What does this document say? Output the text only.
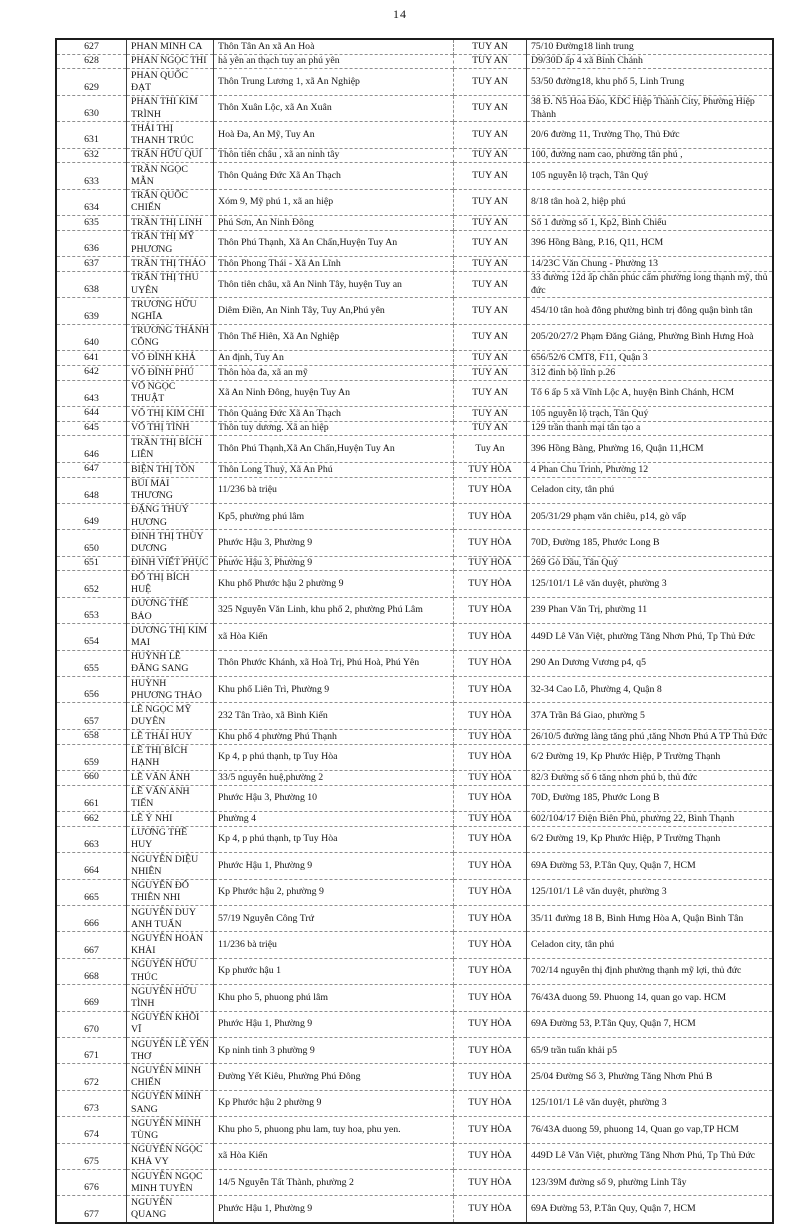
14
627	PHAN MINH CA	Thôn Tân An xã An Hoà	TUY AN	75/10 Đường18 linh trung
628	PHAN NGỌC THI	hà yên an thạch tuy an phú yên	TUY AN	D9/30D ấp 4 xã Bình Chánh
629	PHAN QUỐC ĐẠT	Thôn Trung Lương 1, xã An Nghiệp	TUY AN	53/50 đường18, khu phố 5, Linh Trung
630	PHAN THI KIM TRÌNH	Thôn Xuân Lộc, xã An Xuân	TUY AN	38 Đ. N5 Hoa Đào, KDC Hiệp Thành City, Phường Hiệp Thành
631	THÁI THỊ THANH TRÚC	Hoà Đa, An Mỹ, Tuy An	TUY AN	20/6 đường 11, Trường Thọ, Thủ Đức
632	TRẦN HỮU QUÍ	Thôn tiên châu , xã an ninh tây	TUY AN	100, đường nam cao, phường tân phú ,
633	TRẦN NGỌC MẪN	Thôn Quảng Đức Xã An Thạch	TUY AN	105 nguyễn lộ trạch, Tân Quý
634	TRẦN QUỐC CHIẾN	Xóm 9, Mỹ phú 1, xã an hiệp	TUY AN	8/18 tân hoà 2, hiệp phú
635	TRẦN THỊ LINH	Phú Sơn, An Ninh Đông	TUY AN	Số 1 đường số 1, Kp2, Bình Chiểu
636	TRẦN THỊ MỸ PHƯƠNG	Thôn Phú Thạnh, Xã An Chấn,Huyện Tuy An	TUY AN	396 Hồng Bàng, P.16, Q11, HCM
637	TRẦN THỊ THẢO	Thôn Phong Thái - Xã An Lĩnh	TUY AN	14/23C Văn Chung - Phường 13
638	TRẦN THỊ THU UYÊN	Thôn tiên châu, xã An Ninh Tây, huyện Tuy an	TUY AN	33 đường 12d ấp chân phúc cẩm phường long thạnh mỹ, thủ đức
639	TRƯƠNG HỮU NGHĨA	Diêm Điền, An Ninh Tây, Tuy An,Phú yên	TUY AN	454/10 tân hoà đông phường bình trị đông quận bình tân
640	TRƯƠNG THÀNH CÔNG	Thôn Thế Hiên, Xã An Nghiệp	TUY AN	205/20/27/2 Phạm Đăng Giảng, Phường Bình Hưng Hoà
641	VÕ ĐÌNH KHÁ	An định, Tuy An	TUY AN	656/52/6 CMT8, F11, Quận 3
642	VÕ ĐÌNH PHÚ	Thôn hòa đa, xã an mỹ	TUY AN	312 đinh bộ lĩnh p.26
643	VÕ NGỌC THUẬT	Xã An Ninh Đông, huyện Tuy An	TUY AN	Tổ 6 ấp 5 xã Vĩnh Lộc A, huyện Bình Chánh, HCM
644	VÕ THỊ KIM CHI	Thôn Quảng Đức Xã An Thạch	TUY AN	105 nguyễn lộ trạch, Tân Quý
645	VÕ THỊ TÍNH	Thôn tuy dương. Xã an hiệp	TUY AN	129 trần thanh mại tân tạo a
646	TRẦN THỊ BÍCH LIÊN	Thôn Phú Thạnh,Xã An Chấn,Huyện Tuy An	Tuy An	396 Hồng Bàng, Phường 16, Quận 11,HCM
647	BIỆN THỊ TỒN	Thôn Long Thuỷ, Xã An Phú	TUY HÒA	4 Phan Chu Trinh, Phường 12
648	BÙI MAI THƯƠNG	11/236 bà triệu	TUY HÒA	Celadon city, tân phú
649	ĐẶNG THUÝ HƯƠNG	Kp5, phường phú lâm	TUY HÒA	205/31/29 phạm văn chiêu, p14, gò vấp
650	ĐINH THỊ THÙY DƯƠNG	Phước Hậu 3, Phường 9	TUY HÒA	70D, Đường 185, Phước Long B
651	ĐINH VIẾT PHỤC	Phước Hậu 3, Phường 9	TUY HÒA	269 Gò Dầu, Tân Quý
652	ĐỖ THỊ BÍCH HUỆ	Khu phố Phước hậu 2 phường 9	TUY HÒA	125/101/1 Lê văn duyệt, phường 3
653	DƯƠNG THẾ BẢO	325 Nguyễn Văn Linh, khu phố 2, phường Phú Lâm	TUY HÒA	239 Phan Văn Trị, phường 11
654	DƯƠNG THỊ KIM MAI	xã Hòa Kiến	TUY HÒA	449D Lê Văn Việt, phường Tăng Nhơn Phú, Tp Thủ Đức
655	HUỲNH LÊ ĐĂNG SANG	Thôn Phước Khánh, xã Hoà Trị, Phú Hoà, Phú Yên	TUY HÒA	290 An Dương Vương p4, q5
656	HUỲNH PHƯƠNG THẢO	Khu phố Liên Trì, Phường 9	TUY HÒA	32-34 Cao Lỗ, Phường 4, Quận 8
657	LÊ NGỌC MỸ DUYÊN	232 Tân Trào, xã Bình Kiến	TUY HÒA	37A Trần Bá Giao, phường 5
658	LÊ THÁI HUY	Khu phố 4 phường Phú Thạnh	TUY HÒA	26/10/5 đường làng tăng phú ,tăng Nhơn Phú A TP Thủ Đức
659	LÊ THỊ BÍCH HẠNH	Kp 4, p phú thạnh, tp Tuy Hòa	TUY HÒA	6/2 Đường 19, Kp Phước Hiệp, P Trường Thạnh
660	LÊ VĂN ÁNH	33/5 nguyễn huệ,phường 2	TUY HÒA	82/3 Đường số 6 tăng nhơn phú b, thủ đức
661	LÊ VĂN ANH TIẾN	Phước Hậu 3, Phường 10	TUY HÒA	70D, Đường 185, Phước Long B
662	LÊ Ý NHI	Phường 4	TUY HÒA	602/104/17 Điện Biên Phủ, phường 22, Bình Thạnh
663	LƯƠNG THẾ HUY	Kp 4, p phú thạnh, tp Tuy Hòa	TUY HÒA	6/2 Đường 19, Kp Phước Hiệp, P Trường Thạnh
664	NGUYỄN DIỆU NHIÊN	Phước Hậu 1, Phường 9	TUY HÒA	69A Đường 53, P.Tân Quy, Quận 7, HCM
665	NGUYỄN ĐỖ THIÊN NHI	Kp Phước hậu 2, phường 9	TUY HÒA	125/101/1 Lê văn duyệt, phường 3
666	NGUYỄN DUY ANH TUẤN	57/19 Nguyễn Công Trứ	TUY HÒA	35/11 đường 18 B, Bình Hưng Hòa A, Quận Bình Tân
667	NGUYỄN HOÀN KHẢI	11/236 bà triệu	TUY HÒA	Celadon city, tân phú
668	NGUYỄN HỮU THÚC	Kp phước hậu 1	TUY HÒA	702/14 nguyễn thị định phường thạnh mỹ lợi, thủ đức
669	NGUYỄN HỮU TÌNH	Khu pho 5, phuong phú lâm	TUY HÒA	76/43A duong 59. Phuong 14, quan go vap. HCM
670	NGUYỄN KHÔI VĨ	Phước Hậu 1, Phường 9	TUY HÒA	69A Đường 53, P.Tân Quy, Quận 7, HCM
671	NGUYỄN LÊ YẾN THƠ	Kp ninh tinh 3 phường 9	TUY HÒA	65/9 trần tuấn khải p5
672	NGUYỄN MINH CHIẾN	Đường Yết Kiêu, Phường Phú Đông	TUY HÒA	25/04 Đường Số 3, Phường Tăng Nhơn Phú B
673	NGUYỄN MINH SANG	Kp Phước hậu 2 phường 9	TUY HÒA	125/101/1 Lê văn duyệt, phường 3
674	NGUYỄN MINH TÙNG	Khu pho 5, phuong phu lam, tuy hoa, phu yen.	TUY HÒA	76/43A duong 59, phuong 14, Quan go vap,TP HCM
675	NGUYỄN NGỌC KHẢ VY	xã Hòa Kiến	TUY HÒA	449D Lê Văn Việt, phường Tăng Nhơn Phú, Tp Thủ Đức
676	NGUYỄN NGỌC MINH TUYỀN	14/5 Nguyễn Tất Thành, phường 2	TUY HÒA	123/39M đường số 9, phường Linh Tây
677	NGUYỄN QUANG	Phước Hậu 1, Phường 9	TUY HÒA	69A Đường 53, P.Tân Quy, Quận 7, HCM
